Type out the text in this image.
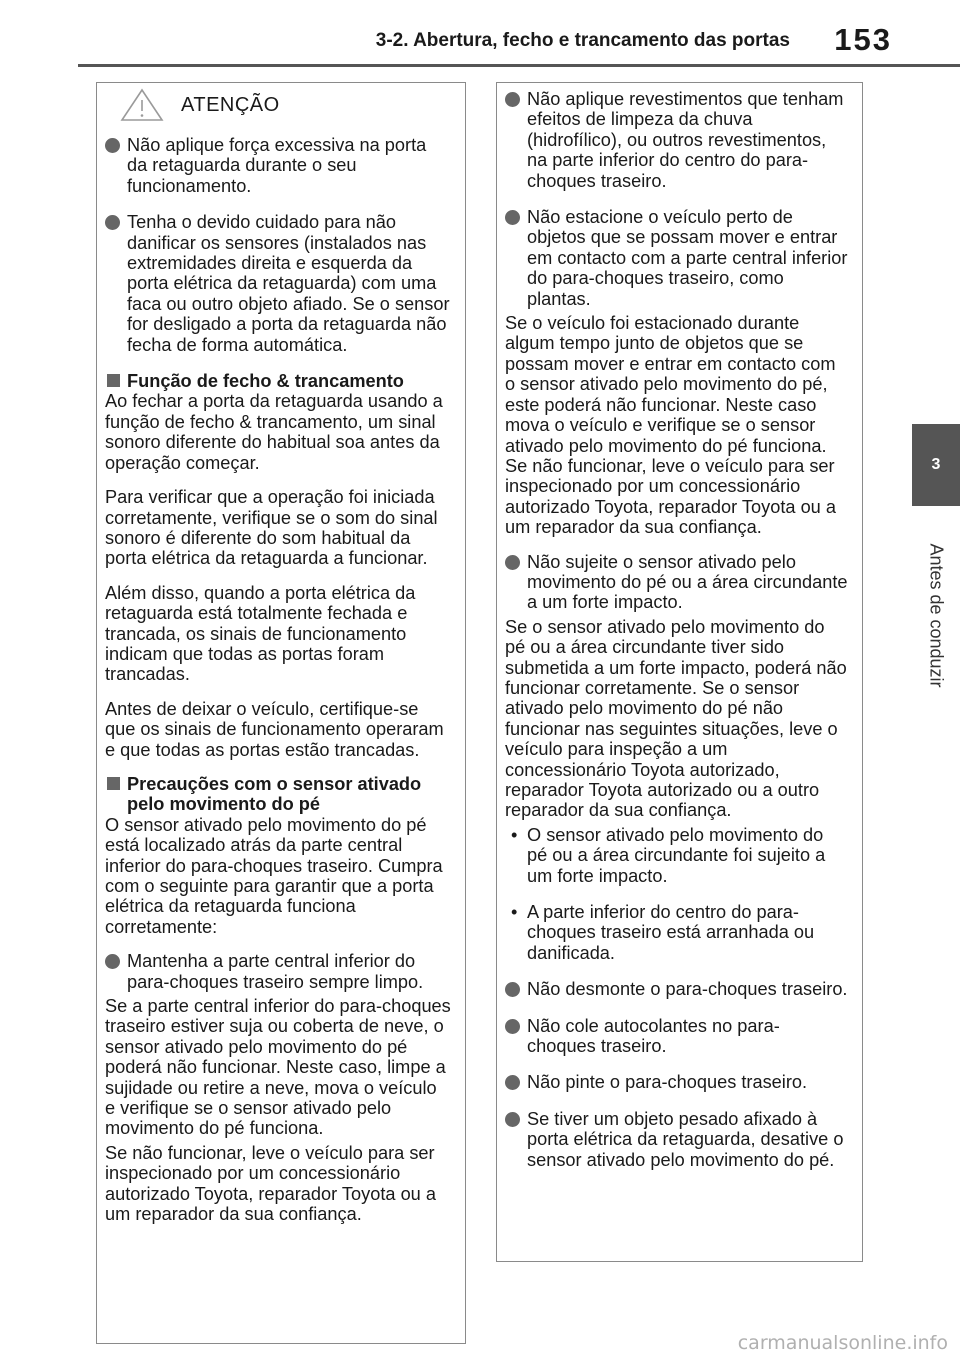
3-2. Abertura, fecho e trancamento das portas 153
3
Antes de conduzir
ATENÇÃO
Não aplique força excessiva na porta da retaguarda durante o seu funcionamento.
Tenha o devido cuidado para não danificar os sensores (instalados nas extremidades direita e esquerda da porta elétrica da retaguarda) com uma faca ou outro objeto afiado. Se o sensor for desligado a porta da retaguarda não fecha de forma automática.
Função de fecho & trancamento
Ao fechar a porta da retaguarda usando a função de fecho & trancamento, um sinal sonoro diferente do habitual soa antes da operação começar.
Para verificar que a operação foi iniciada corretamente, verifique se o som do sinal sonoro é diferente do som habitual da porta elétrica da retaguarda a funcionar.
Além disso, quando a porta elétrica da retaguarda está totalmente fechada e trancada, os sinais de funcionamento indicam que todas as portas foram trancadas.
Antes de deixar o veículo, certifique-se que os sinais de funcionamento operaram e que todas as portas estão trancadas.
Precauções com o sensor ativado pelo movimento do pé
O sensor ativado pelo movimento do pé está localizado atrás da parte central inferior do para-choques traseiro. Cumpra com o seguinte para garantir que a porta elétrica da retaguarda funciona corretamente:
Mantenha a parte central inferior do para-choques traseiro sempre limpo.
Se a parte central inferior do para-choques traseiro estiver suja ou coberta de neve, o sensor ativado pelo movimento do pé poderá não funcionar. Neste caso, limpe a sujidade ou retire a neve, mova o veículo e verifique se o sensor ativado pelo movimento do pé funciona.
Se não funcionar, leve o veículo para ser inspecionado por um concessionário autorizado Toyota, reparador Toyota ou a um reparador da sua confiança.
Não aplique revestimentos que tenham efeitos de limpeza da chuva (hidrofílico), ou outros revestimentos, na parte inferior do centro do para-choques traseiro.
Não estacione o veículo perto de objetos que se possam mover e entrar em contacto com a parte central inferior do para-choques traseiro, como plantas.
Se o veículo foi estacionado durante algum tempo junto de objetos que se possam mover e entrar em contacto com o sensor ativado pelo movimento do pé, este poderá não funcionar. Neste caso mova o veículo e verifique se o sensor ativado pelo movimento do pé funciona. Se não funcionar, leve o veículo para ser inspecionado por um concessionário autorizado Toyota, reparador Toyota ou a um reparador da sua confiança.
Não sujeite o sensor ativado pelo movimento do pé ou a área circundante a um forte impacto.
Se o sensor ativado pelo movimento do pé ou a área circundante tiver sido submetida a um forte impacto, poderá não funcionar corretamente. Se o sensor ativado pelo movimento do pé não funcionar nas seguintes situações, leve o veículo para inspeção a um concessionário Toyota autorizado, reparador Toyota autorizado ou a outro reparador da sua confiança.
• O sensor ativado pelo movimento do pé ou a área circundante foi sujeito a um forte impacto.
• A parte inferior do centro do para-choques traseiro está arranhada ou danificada.
Não desmonte o para-choques traseiro.
Não cole autocolantes no para-choques traseiro.
Não pinte o para-choques traseiro.
Se tiver um objeto pesado afixado à porta elétrica da retaguarda, desative o sensor ativado pelo movimento do pé.
carmanualsonline.info
